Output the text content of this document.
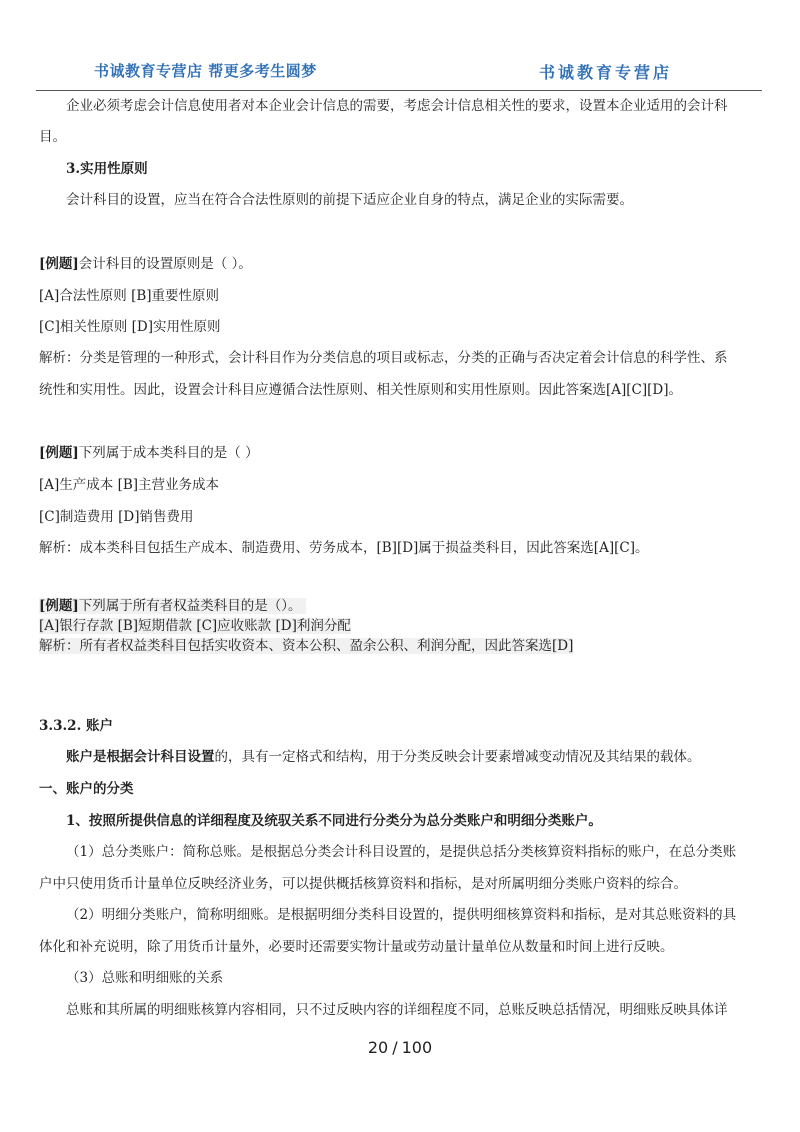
书诚教育专营店 帮更多考生圆梦	书诚教育专营店
企业必须考虑会计信息使用者对本企业会计信息的需要，考虑会计信息相关性的要求，设置本企业适用的会计科
目。
3.实用性原则
会计科目的设置，应当在符合合法性原则的前提下适应企业自身的特点，满足企业的实际需要。
[例题]会计科目的设置原则是（ ）。
[A]合法性原则 [B]重要性原则
[C]相关性原则 [D]实用性原则
解析：分类是管理的一种形式，会计科目作为分类信息的项目或标志，分类的正确与否决定着会计信息的科学性、系
统性和实用性。因此，设置会计科目应遵循合法性原则、相关性原则和实用性原则。因此答案选[A][C][D]。
[例题]下列属于成本类科目的是（ ）
[A]生产成本 [B]主营业务成本
[C]制造费用 [D]销售费用
解析：成本类科目包括生产成本、制造费用、劳务成本，[B][D]属于损益类科目，因此答案选[A][C]。
[例题]下列属于所有者权益类科目的是（）。
[A]银行存款 [B]短期借款 [C]应收账款 [D]利润分配
解析：所有者权益类科目包括实收资本、资本公积、盈余公积、利润分配，因此答案选[D]
3.3.2. 账户
账户是根据会计科目设置的，具有一定格式和结构，用于分类反映会计要素增减变动情况及其结果的载体。
一、账户的分类
1、按照所提供信息的详细程度及统驭关系不同进行分类分为总分类账户和明细分类账户。
（1）总分类账户：简称总账。是根据总分类会计科目设置的，是提供总括分类核算资料指标的账户，在总分类账
户中只使用货币计量单位反映经济业务，可以提供概括核算资料和指标，是对所属明细分类账户资料的综合。
（2）明细分类账户，简称明细账。是根据明细分类科目设置的，提供明细核算资料和指标，是对其总账资料的具
体化和补充说明，除了用货币计量外，必要时还需要实物计量或劳动量计量单位从数量和时间上进行反映。
（3）总账和明细账的关系
总账和其所属的明细账核算内容相同，只不过反映内容的详细程度不同，总账反映总括情况，明细账反映具体详
20 / 100
